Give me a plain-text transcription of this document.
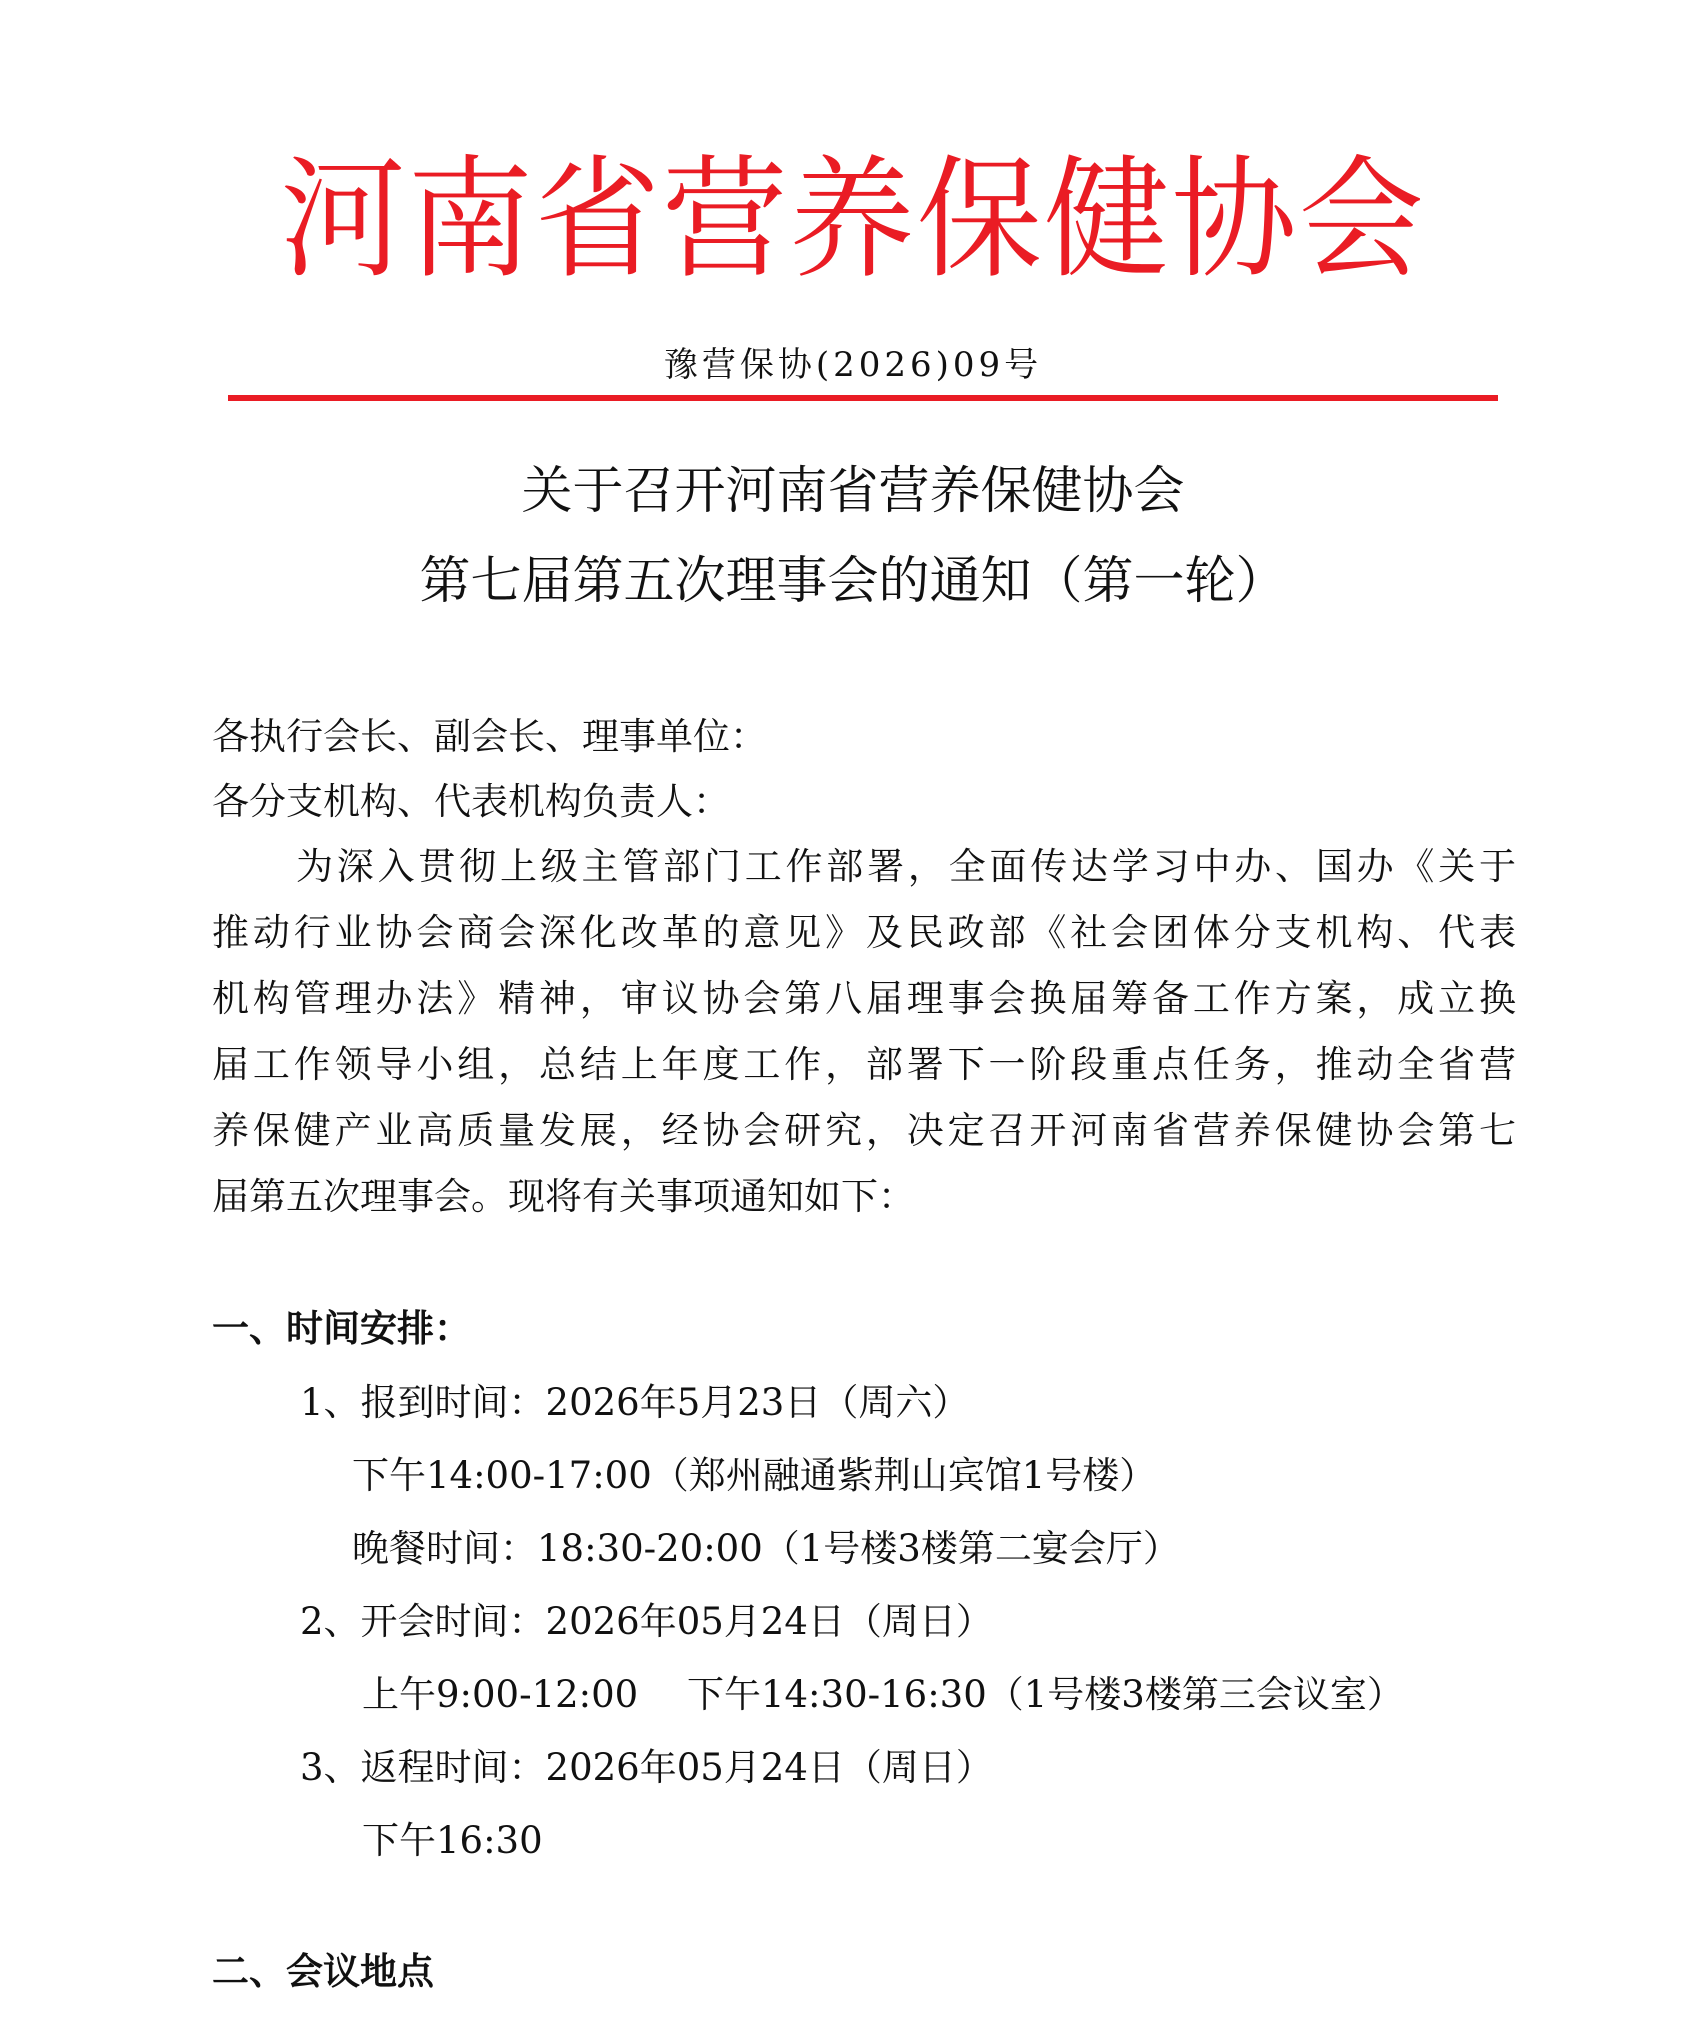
河南省营养保健协会
豫营保协(2026)09号
关于召开河南省营养保健协会
第七届第五次理事会的通知（第一轮）
各执行会长、副会长、理事单位：
各分支机构、代表机构负责人：
为深入贯彻上级主管部门工作部署，全面传达学习中办、国办《关于
推动行业协会商会深化改革的意见》及民政部《社会团体分支机构、代表
机构管理办法》精神，审议协会第八届理事会换届筹备工作方案，成立换
届工作领导小组，总结上年度工作，部署下一阶段重点任务，推动全省营
养保健产业高质量发展，经协会研究，决定召开河南省营养保健协会第七
届第五次理事会。现将有关事项通知如下：
一、时间安排：
1、报到时间：2026年5月23日（周六）
下午14:00-17:00（郑州融通紫荆山宾馆1号楼）
晚餐时间：18:30-20:00（1号楼3楼第二宴会厅）
2、开会时间：2026年05月24日（周日）
上午9:00-12:00　 下午14:30-16:30（1号楼3楼第三会议室）
3、返程时间：2026年05月24日（周日）
下午16:30
二、会议地点
